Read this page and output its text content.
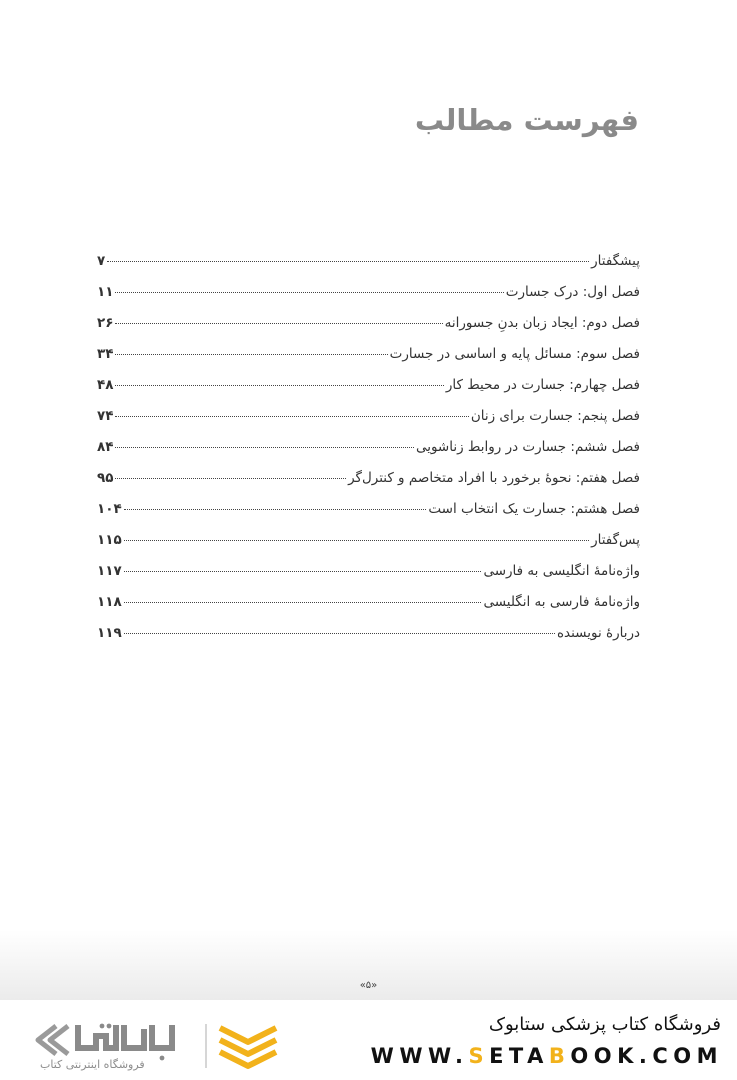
فهرست مطالب
پیشگفتار
۷
فصل اول: درک جسارت
۱۱
فصل دوم: ایجاد زبان بدنِ جسورانه
۲۶
فصل سوم: مسائل پایه و اساسی در جسارت
۳۴
فصل چهارم: جسارت در محیط کار
۴۸
فصل پنجم: جسارت برای زنان
۷۴
فصل ششم: جسارت در روابط زناشویی
۸۴
فصل هفتم: نحوهٔ برخورد با افراد متخاصم و کنترل‌گر
۹۵
فصل هشتم: جسارت یک انتخاب است
۱۰۴
پس‌گفتار
۱۱۵
واژه‌نامهٔ انگلیسی به فارسی
۱۱۷
واژه‌نامهٔ فارسی به انگلیسی
۱۱۸
دربارهٔ نویسنده
۱۱۹
«۵»
فروشگاه اینترنتی کتاب
فروشگاه کتاب پزشکی ستابوک
WWW.SETABOOK.COM
